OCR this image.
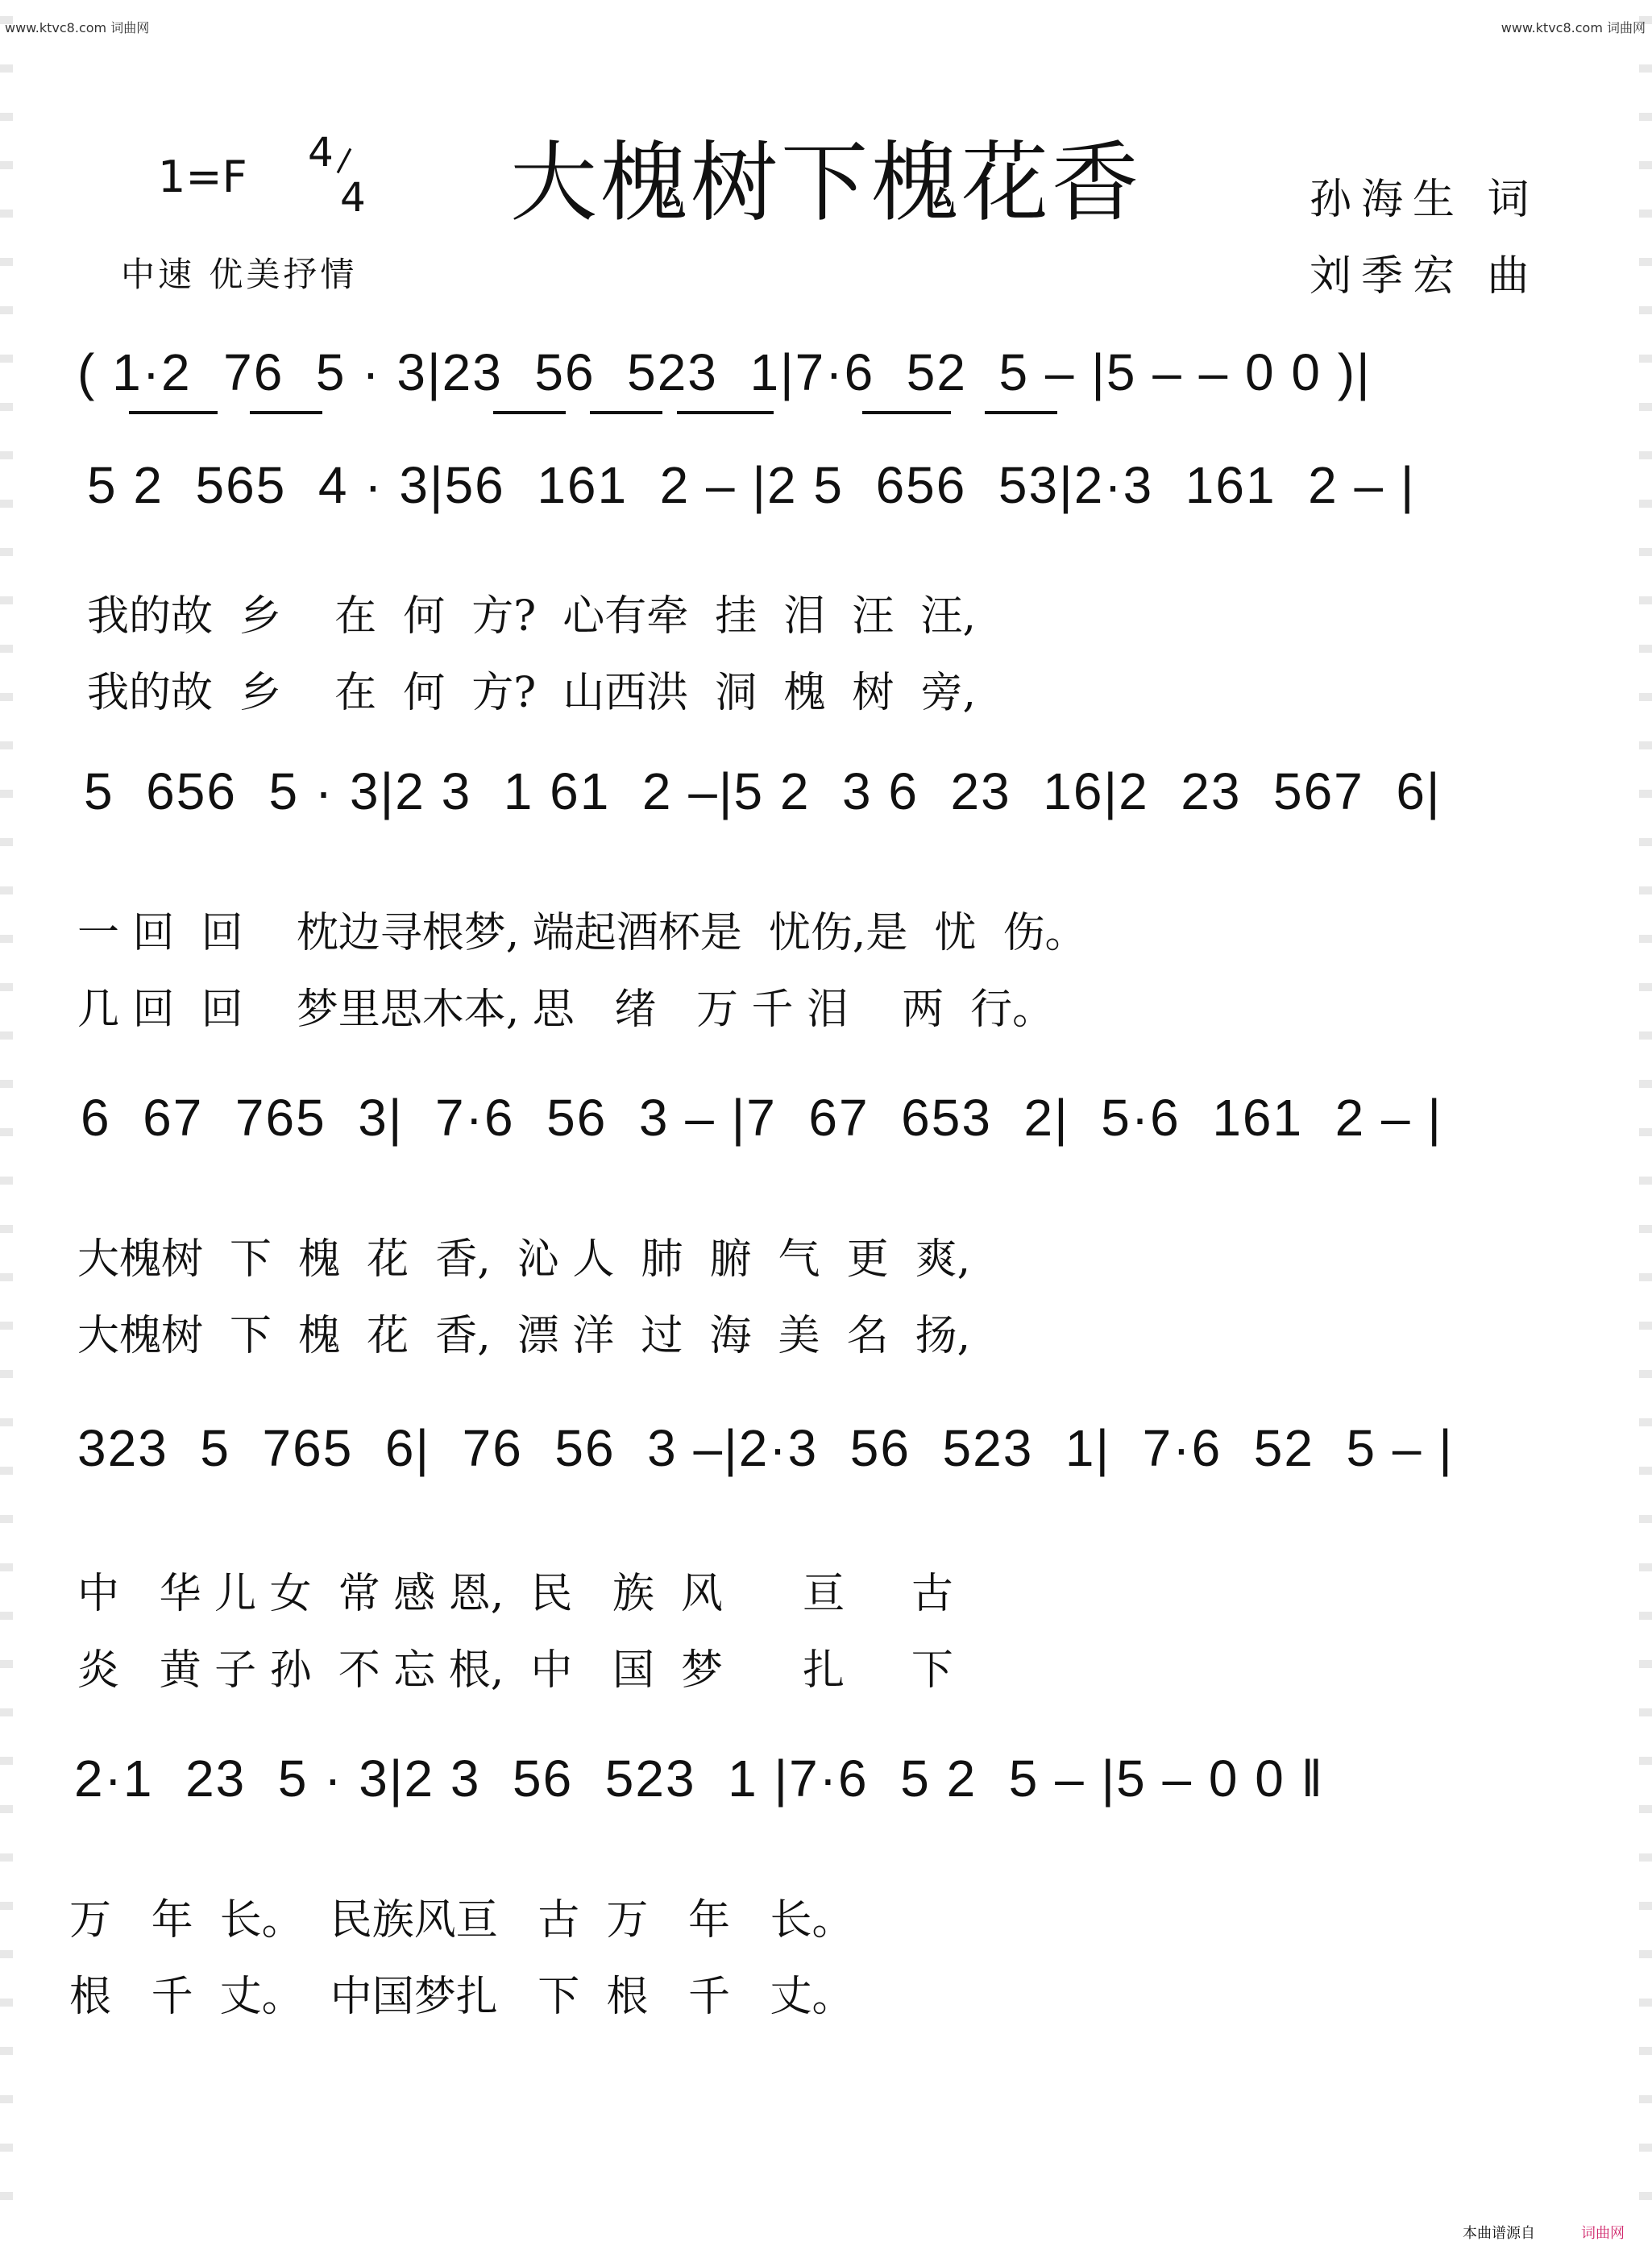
www.ktvc8.com 词曲网	www.ktvc8.com 词曲网
1=F 4
4	大槐树下槐花香	孙海生 词
刘季宏 曲
中速 优美抒情
( 1·2  76  5 · 3|23  56  523  1|7·6  52  5 – |5 – – 0 0 )|
5 2  565  4 · 3|56  161  2 – |2 5  656  53|2·3  161  2 – |
我的故  乡    在  何  方?  心有牵  挂  泪  汪  汪,
我的故  乡    在  何  方?  山西洪  洞  槐  树  旁,
5  656  5 · 3|2 3  1 61  2 –|5 2  3 6  23  16|2  23  567  6|
一 回  回    枕边寻根梦, 端起酒杯是  忧伤,是  忧  伤。
几 回  回    梦里思木本, 思   绪   万 千 泪    两  行。
6  67  765  3|  7·6  56  3 – |7  67  653  2|  5·6  161  2 – |
大槐树  下  槐  花  香,  沁 人  肺  腑  气  更  爽,
大槐树  下  槐  花  香,  漂 洋  过  海  美  名  扬,
323  5  765  6|  76  56  3 –|2·3  56  523  1|  7·6  52  5 – |
中   华 儿 女  常 感 恩,  民   族  风      亘     古
炎   黄 子 孙  不 忘 根,  中   国  梦      扎     下
2·1  23  5 · 3|2 3  56  523  1 |7·6  5 2  5 – |5 – 0 0 ‖
万   年  长。  民族风亘   古  万   年   长。
根   千  丈。  中国梦扎   下  根   千   丈。
本曲谱源自	词曲网
